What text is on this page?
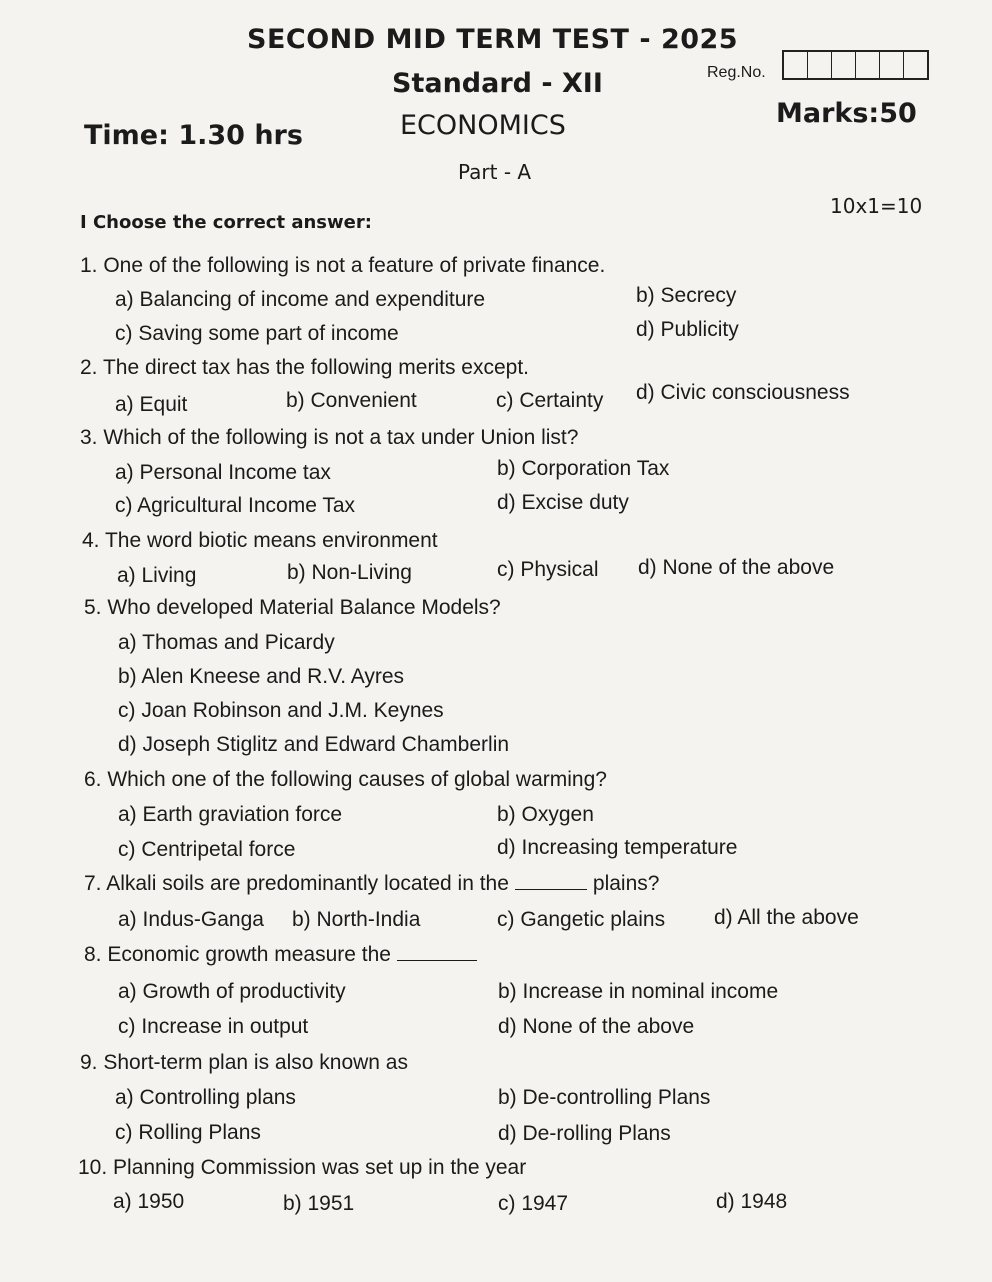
SECOND MID TERM TEST - 2025
Standard - XII	Reg.No.
Time: 1.30 hrs	ECONOMICS	Marks:50
Part - A
I Choose the correct answer:
10x1=10
1. One of the following is not a feature of private finance.
a) Balancing of income and expenditure	b) Secrecy
c) Saving some part of income	d) Publicity
2. The direct tax has the following merits except.
a) Equit	b) Convenient	c) Certainty d) Civic consciousness
3. Which of the following is not a tax under Union list?
a) Personal Income tax	b) Corporation Tax
c) Agricultural Income Tax	d) Excise duty
4. The word biotic means environment
a) Living	b) Non-Living	c) Physical d) None of the above
5. Who developed Material Balance Models?
a) Thomas and Picardy
b) Alen Kneese and R.V. Ayres
c) Joan Robinson and J.M. Keynes
d) Joseph Stiglitz and Edward Chamberlin
6. Which one of the following causes of global warming?
a) Earth graviation force	b) Oxygen
c) Centripetal force	d) Increasing temperature
7. Alkali soils are predominantly located in the	plains?
a) Indus-Ganga b) North-India	c) Gangetic plains d) All the above
8. Economic growth measure the
a) Growth of productivity	b) Increase in nominal income
c) Increase in output	d) None of the above
9. Short-term plan is also known as
a) Controlling plans	b) De-controlling Plans
c) Rolling Plans	d) De-rolling Plans
10. Planning Commission was set up in the year
a) 1950	b) 1951	c) 1947	d) 1948
